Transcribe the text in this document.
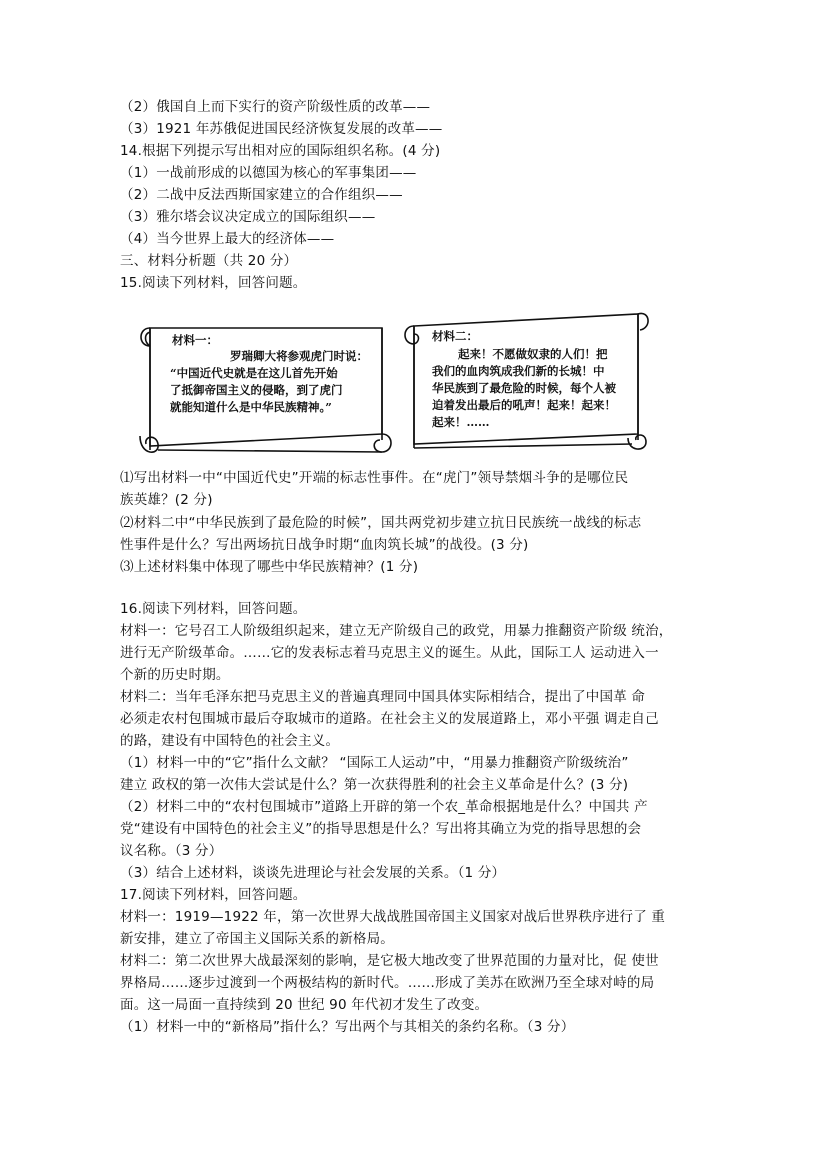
（2）俄国自上而下实行的资产阶级性质的改革——
（3）1921 年苏俄促进国民经济恢复发展的改革——
14.根据下列提示写出相对应的国际组织名称。(4 分)
（1）一战前形成的以德国为核心的军事集团——
（2）二战中反法西斯国家建立的合作组织——
（3）雅尔塔会议决定成立的国际组织——
（4）当今世界上最大的经济体——
三、材料分析题（共 20 分）
15.阅读下列材料，回答问题。
材料一：
罗瑞卿大将参观虎门时说：
“中国近代史就是在这儿首先开始
了抵御帝国主义的侵略，到了虎门
就能知道什么是中华民族精神。”
材料二：
起来！不愿做奴隶的人们！把
我们的血肉筑成我们新的长城！中
华民族到了最危险的时候，每个人被
迫着发出最后的吼声！起来！起来！
起来！……
⑴写出材料一中“中国近代史”开端的标志性事件。在“虎门”领导禁烟斗争的是哪位民
族英雄？(2 分)
⑵材料二中“中华民族到了最危险的时候”，国共两党初步建立抗日民族统一战线的标志
性事件是什么？写出两场抗日战争时期“血肉筑长城”的战役。(3 分)
⑶上述材料集中体现了哪些中华民族精神？(1 分)
16.阅读下列材料，回答问题。
材料一：它号召工人阶级组织起来，建立无产阶级自己的政党，用暴力推翻资产阶级 统治，
进行无产阶级革命。……它的发表标志着马克思主义的诞生。从此，国际工人 运动进入一
个新的历史时期。
材料二：当年毛泽东把马克思主义的普遍真理同中国具体实际相结合，提出了中国革 命
必须走农村包围城市最后夺取城市的道路。在社会主义的发展道路上，邓小平强 调走自己
的路，建设有中国特色的社会主义。
（1）材料一中的“它”指什么文献？ “国际工人运动”中，“用暴力推翻资产阶级统治”
建立 政权的第一次伟大尝试是什么？第一次获得胜利的社会主义革命是什么？(3 分)
（2）材料二中的“农村包围城市”道路上开辟的第一个农_革命根据地是什么？中国共 产
党“建设有中国特色的社会主义”的指导思想是什么？写出将其确立为党的指导思想的会
议名称。（3 分）
（3）结合上述材料，谈谈先进理论与社会发展的关系。（1 分）
17.阅读下列材料，回答问题。
材料一：1919—1922 年，第一次世界大战战胜国帝国主义国家对战后世界秩序进行了 重
新安排，建立了帝国主义国际关系的新格局。
材料二：第二次世界大战最深刻的影响，是它极大地改变了世界范围的力量对比，促 使世
界格局……逐步过渡到一个两极结构的新时代。……形成了美苏在欧洲乃至全球对峙的局
面。这一局面一直持续到 20 世纪 90 年代初才发生了改变。
（1）材料一中的“新格局”指什么？写出两个与其相关的条约名称。（3 分）
